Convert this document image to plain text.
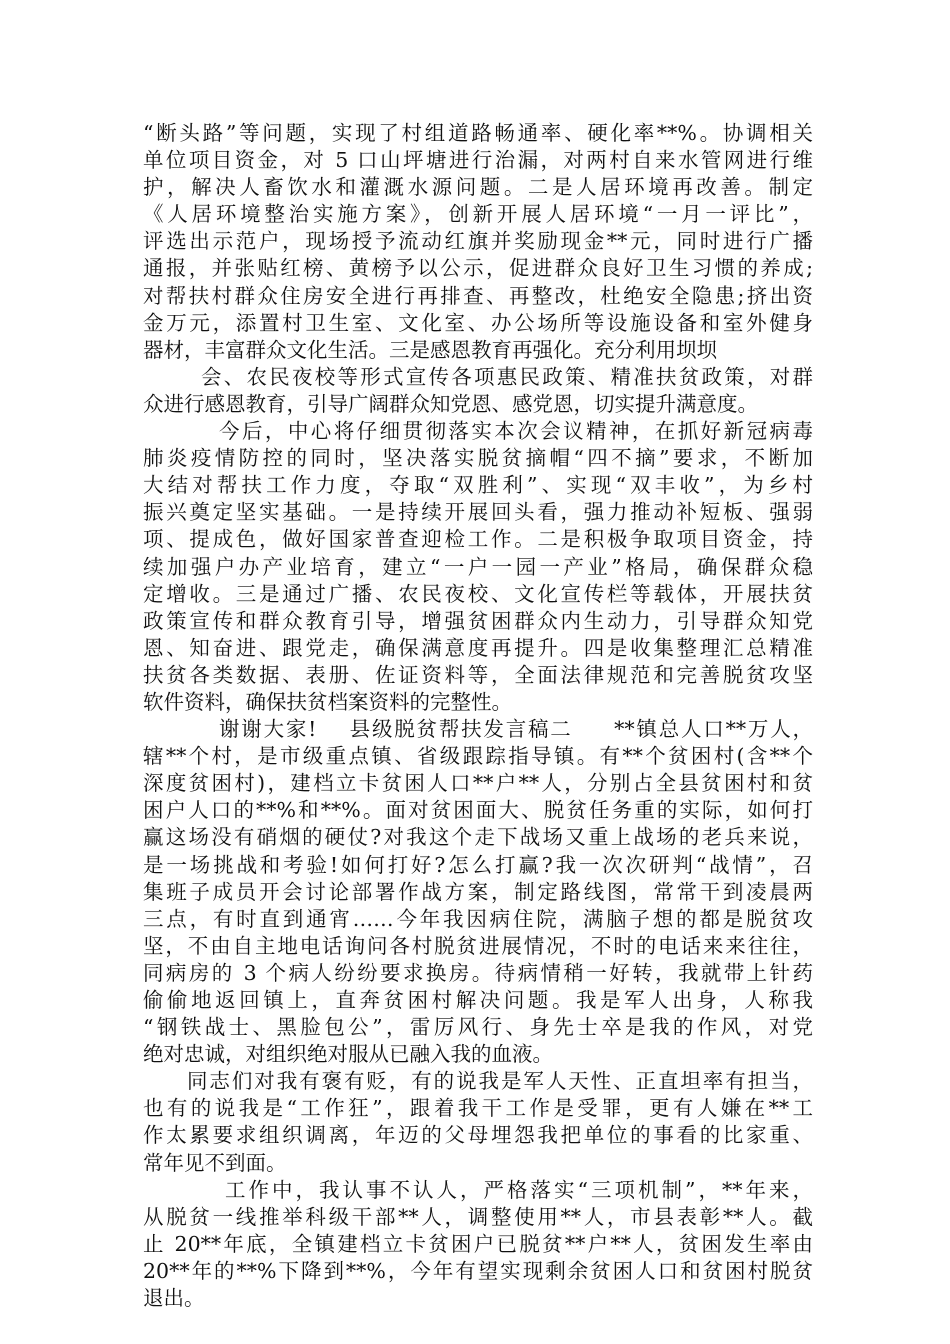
“断头路”等问题，实现了村组道路畅通率、硬化率**%。协调相关
单位项目资金，对 5 口山坪塘进行治漏，对两村自来水管网进行维
护，解决人畜饮水和灌溉水源问题。二是人居环境再改善。制定
《人居环境整治实施方案》，创新开展人居环境“一月一评比”，
评选出示范户，现场授予流动红旗并奖励现金**元，同时进行广播
通报，并张贴红榜、黄榜予以公示，促进群众良好卫生习惯的养成;
对帮扶村群众住房安全进行再排查、再整改，杜绝安全隐患;挤出资
金万元，添置村卫生室、文化室、办公场所等设施设备和室外健身
器材，丰富群众文化生活。三是感恩教育再强化。充分利用坝坝
会、农民夜校等形式宣传各项惠民政策、精准扶贫政策，对群
众进行感恩教育，引导广阔群众知党恩、感党恩，切实提升满意度。
今后，中心将仔细贯彻落实本次会议精神，在抓好新冠病毒
肺炎疫情防控的同时，坚决落实脱贫摘帽“四不摘”要求，不断加
大结对帮扶工作力度，夺取“双胜利”、实现“双丰收”，为乡村
振兴奠定坚实基础。一是持续开展回头看，强力推动补短板、强弱
项、提成色，做好国家普查迎检工作。二是积极争取项目资金，持
续加强户办产业培育，建立“一户一园一产业”格局，确保群众稳
定增收。三是通过广播、农民夜校、文化宣传栏等载体，开展扶贫
政策宣传和群众教育引导，增强贫困群众内生动力，引导群众知党
恩、知奋进、跟党走，确保满意度再提升。四是收集整理汇总精准
扶贫各类数据、表册、佐证资料等，全面法律规范和完善脱贫攻坚
软件资料，确保扶贫档案资料的完整性。
谢谢大家!    县级脱贫帮扶发言稿二     **镇总人口**万人，
辖**个村，是市级重点镇、省级跟踪指导镇。有**个贫困村(含**个
深度贫困村)，建档立卡贫困人口**户**人，分别占全县贫困村和贫
困户人口的**%和**%。面对贫困面大、脱贫任务重的实际，如何打
赢这场没有硝烟的硬仗?对我这个走下战场又重上战场的老兵来说，
是一场挑战和考验!如何打好?怎么打赢?我一次次研判“战情”，召
集班子成员开会讨论部署作战方案，制定路线图，常常干到凌晨两
三点，有时直到通宵……今年我因病住院，满脑子想的都是脱贫攻
坚，不由自主地电话询问各村脱贫进展情况，不时的电话来来往往，
同病房的 3 个病人纷纷要求换房。待病情稍一好转，我就带上针药
偷偷地返回镇上，直奔贫困村解决问题。我是军人出身，人称我
“钢铁战士、黑脸包公”，雷厉风行、身先士卒是我的作风，对党
绝对忠诚，对组织绝对服从已融入我的血液。
同志们对我有褒有贬，有的说我是军人天性、正直坦率有担当，
也有的说我是“工作狂”，跟着我干工作是受罪，更有人嫌在**工
作太累要求组织调离，年迈的父母埋怨我把单位的事看的比家重、
常年见不到面。
工作中，我认事不认人，严格落实“三项机制”，**年来，
从脱贫一线推举科级干部**人，调整使用**人，市县表彰**人。截
止 20**年底，全镇建档立卡贫困户已脱贫**户**人，贫困发生率由
20**年的**%下降到**%，今年有望实现剩余贫困人口和贫困村脱贫
退出。
